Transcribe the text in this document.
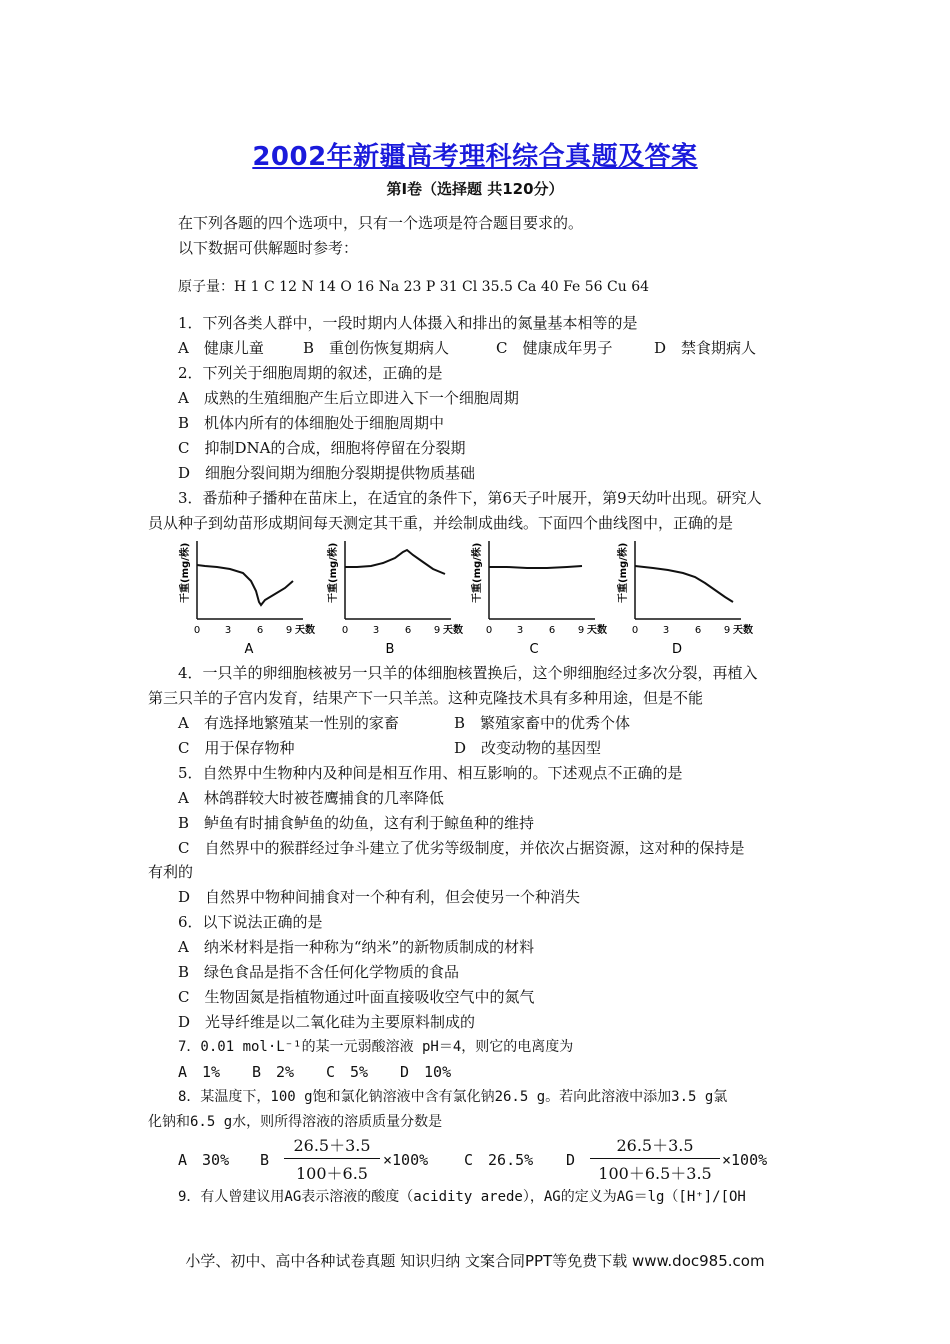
2002年新疆高考理科综合真题及答案
第Ⅰ卷（选择题 共120分）
在下列各题的四个选项中，只有一个选项是符合题目要求的。
以下数据可供解题时参考：
原子量：H 1 C 12 N 14 O 16 Na 23 P 31 Cl 35.5 Ca 40 Fe 56 Cu 64
1．下列各类人群中，一段时期内人体摄入和排出的氮量基本相等的是
A　健康儿童	B　重创伤恢复期病人	C　健康成年男子	D　禁食期病人
2．下列关于细胞周期的叙述，正确的是
A　成熟的生殖细胞产生后立即进入下一个细胞周期
B　机体内所有的体细胞处于细胞周期中
C　抑制DNA的合成，细胞将停留在分裂期
D　细胞分裂间期为细胞分裂期提供物质基础
3．番茄种子播种在苗床上，在适宜的条件下，第6天子叶展开，第9天幼叶出现。研究人
员从种子到幼苗形成期间每天测定其干重，并绘制成曲线。下面四个曲线图中，正确的是
干重(mg/株)
0 3	6 9 天数
A
干重(mg/株)
0 3	6 9 天数
B
干重(mg/株)
0 3	6 9 天数
C
干重(mg/株)
0 3	6 9 天数
D
4．一只羊的卵细胞核被另一只羊的体细胞核置换后，这个卵细胞经过多次分裂，再植入
第三只羊的子宫内发育，结果产下一只羊羔。这种克隆技术具有多种用途，但是不能
A　有选择地繁殖某一性别的家畜	B　繁殖家畜中的优秀个体
C　用于保存物种	D　改变动物的基因型
5．自然界中生物种内及种间是相互作用、相互影响的。下述观点不正确的是
A　林鸽群较大时被苍鹰捕食的几率降低
B　鲈鱼有时捕食鲈鱼的幼鱼，这有利于鲸鱼种的维持
C　自然界中的猴群经过争斗建立了优劣等级制度，并依次占据资源，这对种的保持是
有利的
D　自然界中物种间捕食对一个种有利，但会使另一个种消失
6．以下说法正确的是
A　纳米材料是指一种称为“纳米”的新物质制成的材料
B　绿色食品是指不含任何化学物质的食品
C　生物固氮是指植物通过叶面直接吸收空气中的氮气
D　光导纤维是以二氧化硅为主要原料制成的
7．0.01 mol·L⁻¹的某一元弱酸溶液 pH＝4，则它的电离度为
A　1% B　2% C　5% D　10%
8．某温度下，100 g饱和氯化钠溶液中含有氯化钠26.5 g。若向此溶液中添加3.5 g氯
化钠和6.5 g水，则所得溶液的溶质质量分数是
A　30% B $\frac{26.5+3.5}{100+6.5} \times 100\%$ C　26.5% D $\frac{26.5+3.5}{100+6.5+3.5} \times 100\%$
9．有人曾建议用AG表示溶液的酸度（acidity arede），AG的定义为AG＝lg（[H⁺]/[OH
小学、初中、高中各种试卷真题 知识归纳 文案合同PPT等免费下载 www.doc985.com
